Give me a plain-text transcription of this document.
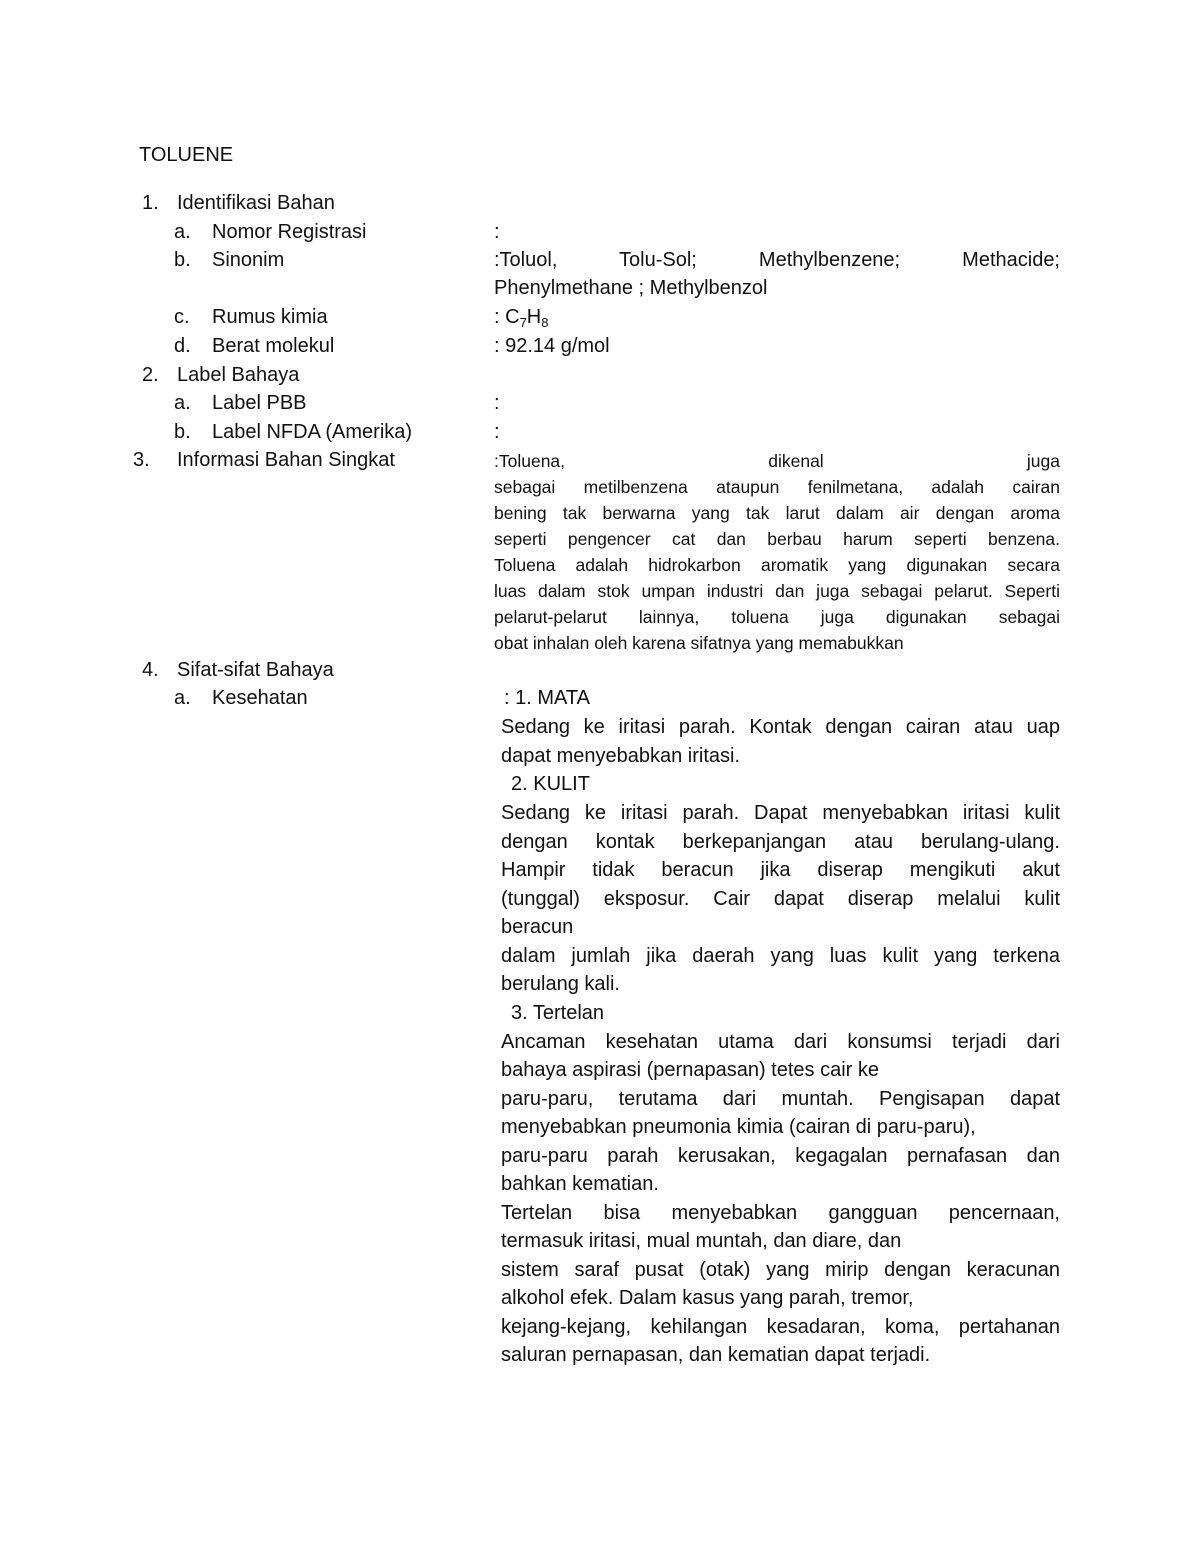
TOLUENE
1. Identifikasi Bahan
a. Nomor Registrasi	:
b. Sinonim	:Toluol, Tolu-Sol; Methylbenzene; Methacide;
Phenylmethane ; Methylbenzol
c. Rumus kimia	: $C_7H_8$
d. Berat molekul	: 92.14 g/mol
2. Label Bahaya
a. Label PBB	:
b. Label NFDA (Amerika)	:
3. Informasi Bahan Singkat	:Toluena, dikenal juga
sebagai metilbenzena ataupun fenilmetana, adalah cairan
bening tak berwarna yang tak larut dalam air dengan aroma
seperti pengencer cat dan berbau harum seperti benzena.
Toluena adalah hidrokarbon aromatik yang digunakan secara
luas dalam stok umpan industri dan juga sebagai pelarut. Seperti
pelarut-pelarut lainnya, toluena juga digunakan sebagai
obat inhalan oleh karena sifatnya yang memabukkan
4. Sifat-sifat Bahaya
a. Kesehatan	: 1. MATA
Sedang ke iritasi parah. Kontak dengan cairan atau uap
dapat menyebabkan iritasi.
2. KULIT
Sedang ke iritasi parah. Dapat menyebabkan iritasi kulit
dengan kontak berkepanjangan atau berulang-ulang.
Hampir tidak beracun jika diserap mengikuti akut
(tunggal) eksposur. Cair dapat diserap melalui kulit
beracun
dalam jumlah jika daerah yang luas kulit yang terkena
berulang kali.
3. Tertelan
Ancaman kesehatan utama dari konsumsi terjadi dari
bahaya aspirasi (pernapasan) tetes cair ke
paru-paru, terutama dari muntah. Pengisapan dapat
menyebabkan pneumonia kimia (cairan di paru-paru),
paru-paru parah kerusakan, kegagalan pernafasan dan
bahkan kematian.
Tertelan bisa menyebabkan gangguan pencernaan,
termasuk iritasi, mual muntah, dan diare, dan
sistem saraf pusat (otak) yang mirip dengan keracunan
alkohol efek. Dalam kasus yang parah, tremor,
kejang-kejang, kehilangan kesadaran, koma, pertahanan
saluran pernapasan, dan kematian dapat terjadi.
